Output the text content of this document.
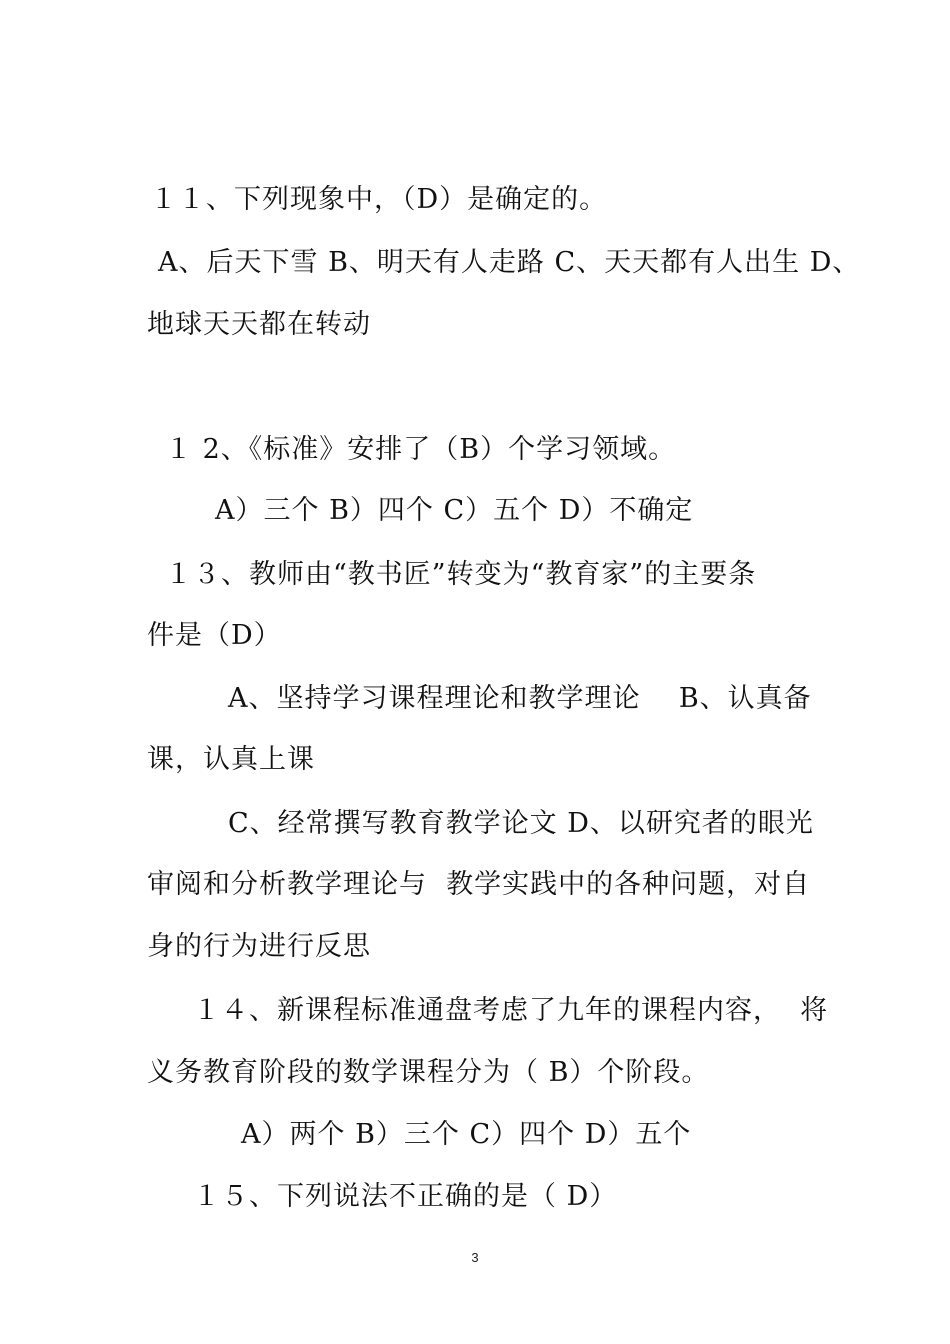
１１、下列现象中，（D）是确定的。
A、后天下雪 B、明天有人走路 C、天天都有人出生 D、
地球天天都在转动
１ 2、《标准》安排了（B）个学习领域。
A）三个 B）四个 C）五个 D）不确定
１３、教师由“教书匠”转变为“教育家”的主要条
件是（D）
A、坚持学习课程理论和教学理论    B、认真备
课，认真上课
C、经常撰写教育教学论文 D、以研究者的眼光
审阅和分析教学理论与  教学实践中的各种问题，对自
身的行为进行反思
１４、新课程标准通盘考虑了九年的课程内容，  将
义务教育阶段的数学课程分为（ B）个阶段。
A）两个 B）三个 C）四个 D）五个
１５、下列说法不正确的是（ D）
3
